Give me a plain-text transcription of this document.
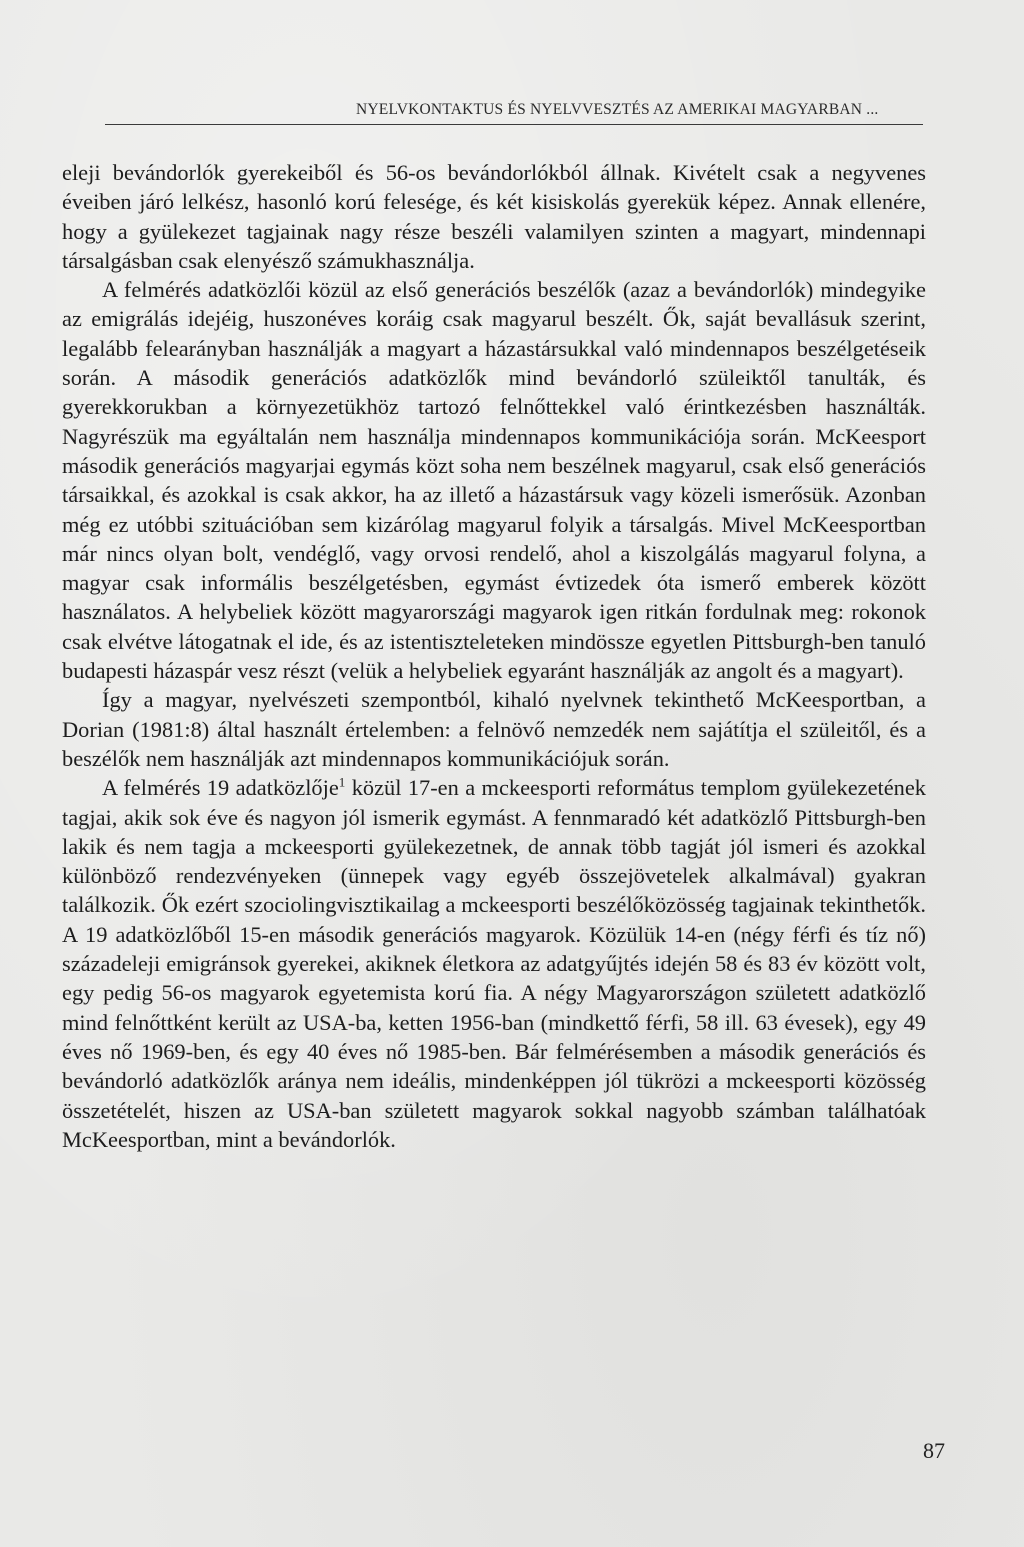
NYELVKONTAKTUS ÉS NYELVVESZTÉS AZ AMERIKAI MAGYARBAN ...

eleji bevándorlók gyerekeiből és 56-os bevándorlókból állnak. Kivételt csak a negyvenes éveiben járó lelkész, hasonló korú felesége, és két kisiskolás gyerekük képez. Annak ellenére, hogy a gyülekezet tagjainak nagy része beszéli valamilyen szinten a magyart, mindennapi társalgásban csak elenyésző számukhasználja.

A felmérés adatközlői közül az első generációs beszélők (azaz a bevándorlók) mindegyike az emigrálás idejéig, huszonéves koráig csak magyarul beszélt. Ők, saját bevallásuk szerint, legalább felearányban használják a magyart a házastársukkal való mindennapos beszélgetéseik során. A második generációs adatközlők mind bevándorló szüleiktől tanulták, és gyerekkorukban a környezetükhöz tartozó felnőttekkel való érintkezésben használták. Nagyrészük ma egyáltalán nem használja mindennapos kommunikációja során. McKeesport második generációs magyarjai egymás közt soha nem beszélnek magyarul, csak első generációs társaikkal, és azokkal is csak akkor, ha az illető a házastársuk vagy közeli ismerősük. Azonban még ez utóbbi szituációban sem kizárólag magyarul folyik a társalgás. Mivel McKeesportban már nincs olyan bolt, vendéglő, vagy orvosi rendelő, ahol a kiszolgálás magyarul folyna, a magyar csak informális beszélgetésben, egymást évtizedek óta ismerő emberek között használatos. A helybeliek között magyarországi magyarok igen ritkán fordulnak meg: rokonok csak elvétve látogatnak el ide, és az istentiszteleteken mindössze egyetlen Pittsburgh-ben tanuló budapesti házaspár vesz részt (velük a helybeliek egyaránt használják az angolt és a magyart).

Így a magyar, nyelvészeti szempontból, kihaló nyelvnek tekinthető McKeesportban, a Dorian (1981:8) által használt értelemben: a felnövő nemzedék nem sajátítja el szüleitől, és a beszélők nem használják azt mindennapos kommunikációjuk során.

A felmérés 19 adatközlője$^1$ közül 17-en a mckeesporti református templom gyülekezetének tagjai, akik sok éve és nagyon jól ismerik egymást. A fennmaradó két adatközlő Pittsburgh-ben lakik és nem tagja a mckeesporti gyülekezetnek, de annak több tagját jól ismeri és azokkal különböző rendezvényeken (ünnepek vagy egyéb összejövetelek alkalmával) gyakran találkozik. Ők ezért szociolingvisztikailag a mckeesporti beszélőközösség tagjainak tekinthetők. A 19 adatközlőből 15-en második generációs magyarok. Közülük 14-en (négy férfi és tíz nő) századeleji emigránsok gyerekei, akiknek életkora az adatgyűjtés idején 58 és 83 év között volt, egy pedig 56-os magyarok egyetemista korú fia. A négy Magyarországon született adatközlő mind felnőttként került az USA-ba, ketten 1956-ban (mindkettő férfi, 58 ill. 63 évesek), egy 49 éves nő 1969-ben, és egy 40 éves nő 1985-ben. Bár felmérésemben a második generációs és bevándorló adatközlők aránya nem ideális, mindenképpen jól tükrözi a mckeesporti közösség összetételét, hiszen az USA-ban született magyarok sokkal nagyobb számban találhatóak McKeesportban, mint a bevándorlók.

87
